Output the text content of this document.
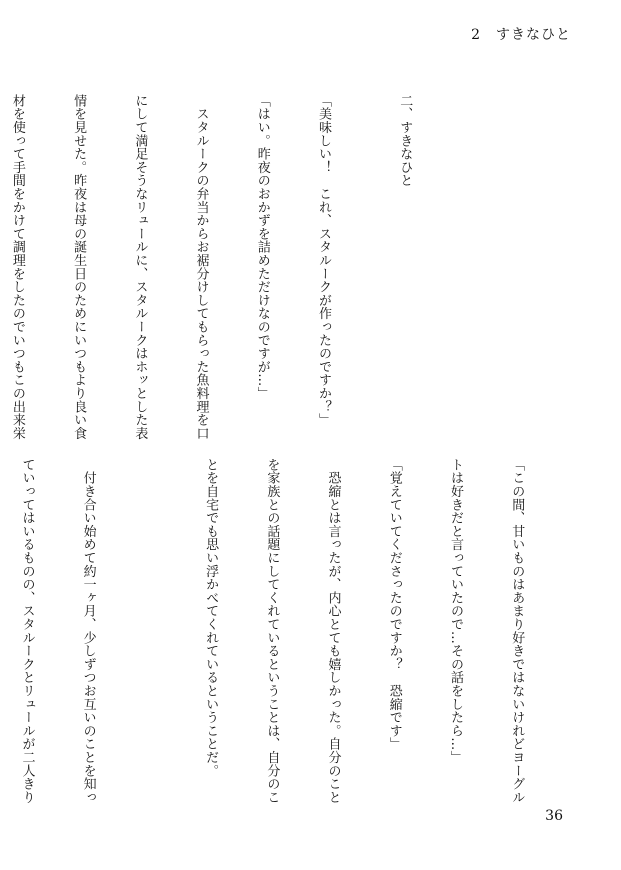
2　すきなひと

二、すきなひと

「美味しい！　これ、スタルークが作ったのですか？」

「はい。昨夜のおかずを詰めただけなのですが…」

　スタルークの弁当からお裾分けしてもらった魚料理を口

にして満足そうなリュールに、スタルークはホッとした表

情を見せた。昨夜は母の誕生日のためにいつもより良い食

材を使って手間をかけて調理をしたのでいつもこの出来栄

「この間、甘いものはあまり好きではないけれどヨーグル

トは好きだと言っていたので…その話をしたら…」

「覚えていてくださったのですか？　恐縮です」

　恐縮とは言ったが、内心とても嬉しかった。自分のこと

を家族との話題にしてくれているということは、自分のこ

とを自宅でも思い浮かべてくれているということだ。

　付き合い始めて約一ヶ月、少しずつお互いのことを知っ

ていってはいるものの、スタルークとリュールが二人きり

36
